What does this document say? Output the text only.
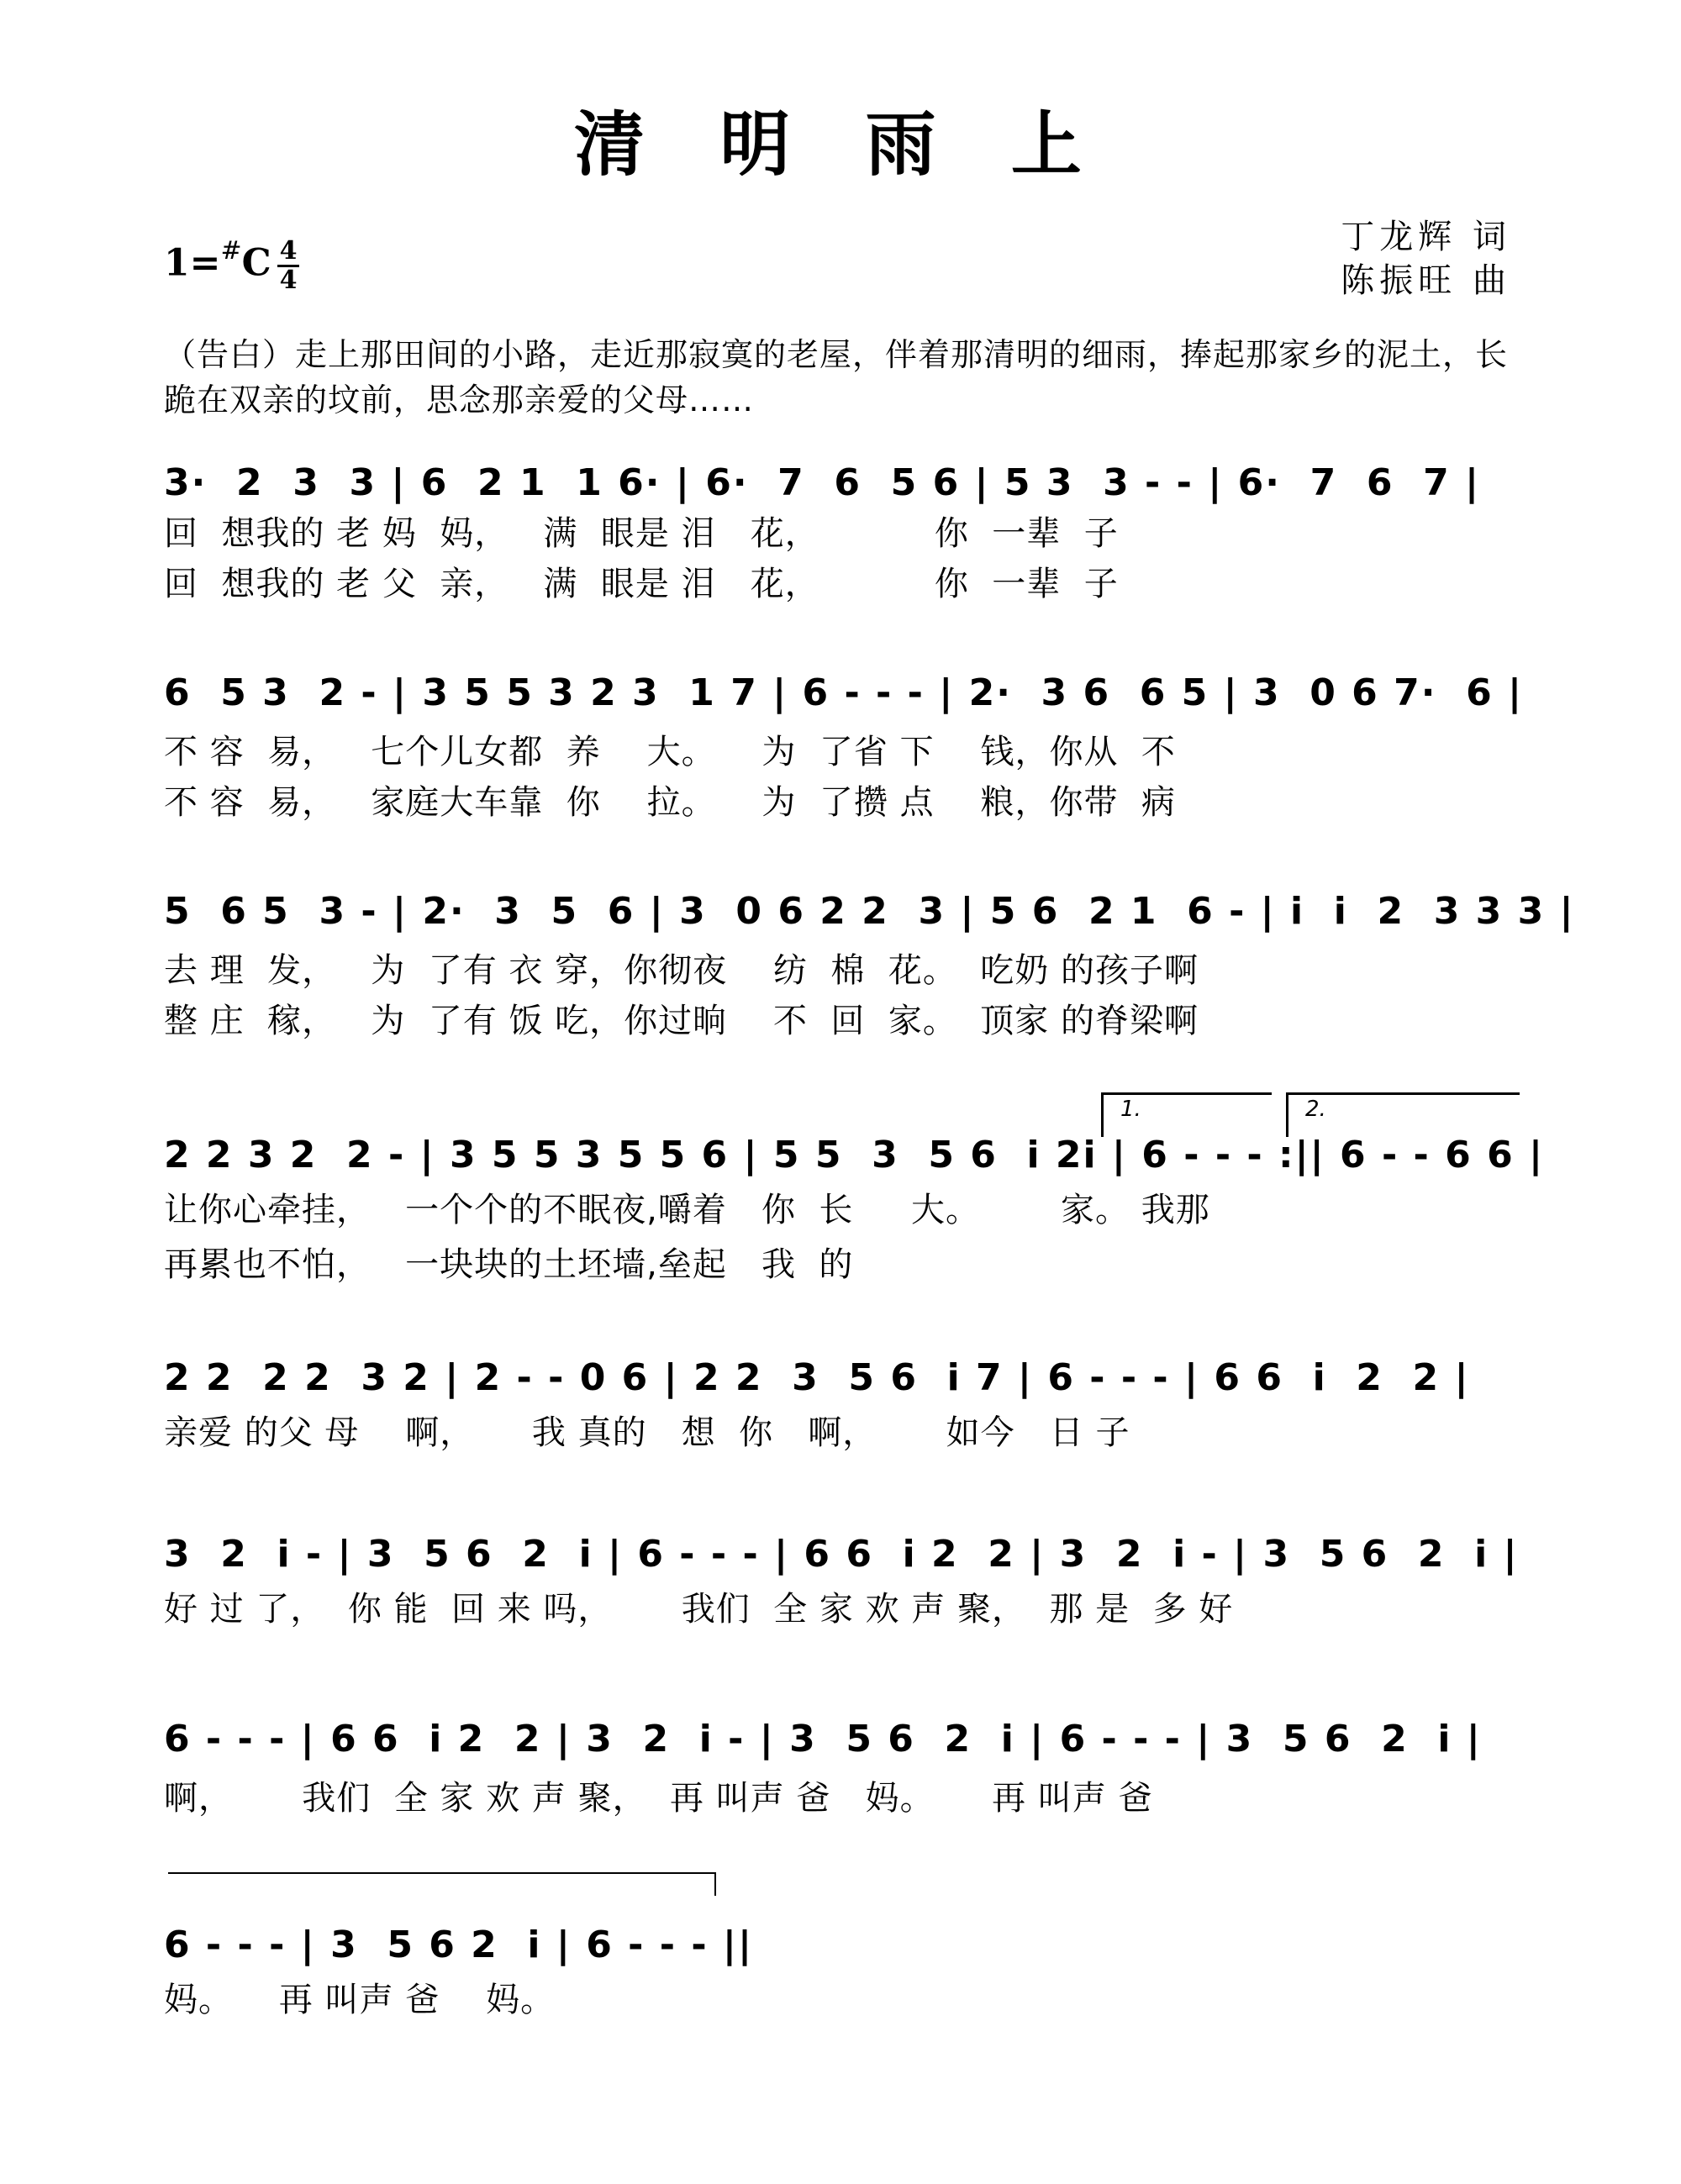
清 明 雨 上
1=#C 4
4
丁龙辉 词
陈振旺 曲
（告白）走上那田间的小路，走近那寂寞的老屋，伴着那清明的细雨，捧起那家乡的泥土，长跪在双亲的坟前，思念那亲爱的父母……
3·  2  3  3 | 6  2 1  1 6· | 6·  7  6  5 6 | 5 3  3 - - | 6·  7  6  7 |
回  想我的 老 妈  妈，   满  眼是 泪   花，          你  一辈  子
回  想我的 老 父  亲，   满  眼是 泪   花，          你  一辈  子
6  5 3  2 - | 3 5 5 3 2 3  1 7 | 6 - - - | 2·  3 6  6 5 | 3  0 6 7·  6 |
不 容  易，   七个儿女都  养    大。    为  了省 下    钱，你从  不
不 容  易，   家庭大车靠  你    拉。    为  了攒 点    粮，你带  病
5  6 5  3 - | 2·  3  5  6 | 3  0 6 2 2  3 | 5 6  2 1  6 - | i  i  2  3 3 3 |
去 理  发，   为  了有 衣 穿，你彻夜    纺  棉  花。  吃奶 的孩子啊
整 庄  稼，   为  了有 饭 吃，你过晌    不  回  家。  顶家 的脊梁啊
1.	2.
2 2 3 2  2 - | 3 5 5 3 5 5 6 | 5 5  3  5 6  i 2i | 6 - - - :|| 6 - - 6 6 |
让你心牵挂，   一个个的不眠夜,嚼着   你  长     大。       家。 我那
再累也不怕，   一块块的土坯墙,垒起   我  的
2 2  2 2  3 2 | 2 - - 0 6 | 2 2  3  5 6  i 7 | 6 - - - | 6 6  i  2  2 |
亲爱 的父 母    啊，     我 真的   想  你   啊，      如今   日 子
3  2  i - | 3  5 6  2  i | 6 - - - | 6 6  i 2  2 | 3  2  i - | 3  5 6  2  i |
好 过 了，  你 能  回 来 吗，      我们  全 家 欢 声 聚，  那 是  多 好
6 - - - | 6 6  i 2  2 | 3  2  i - | 3  5 6  2  i | 6 - - - | 3  5 6  2  i |
啊，      我们  全 家 欢 声 聚，  再 叫声 爸   妈。     再 叫声 爸
6 - - - | 3  5 6 2  i | 6 - - - ||
妈。    再 叫声 爸    妈。
